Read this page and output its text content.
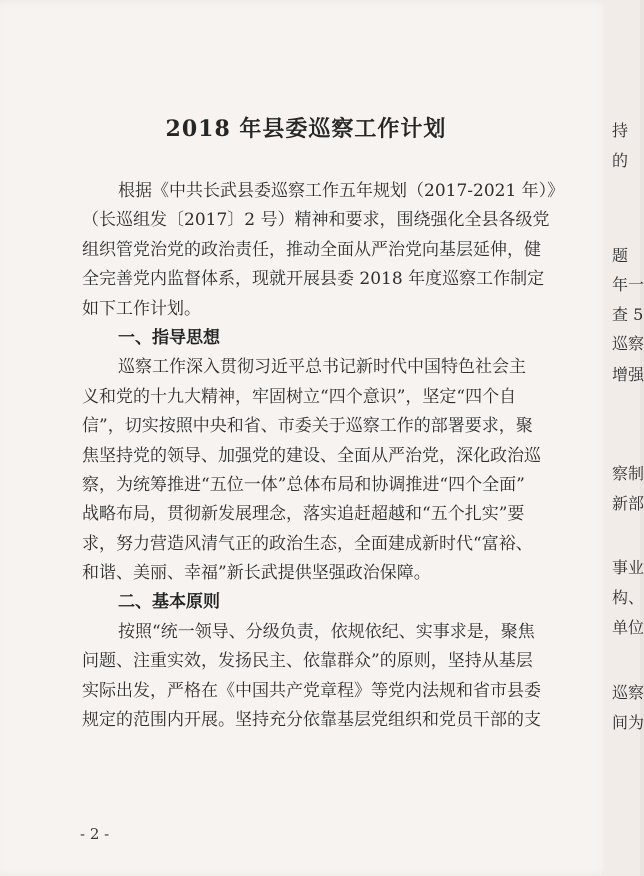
2018 年县委巡察工作计划
根据《中共长武县委巡察工作五年规划（2017-2021 年）》
（长巡组发〔2017〕2 号）精神和要求，围绕强化全县各级党
组织管党治党的政治责任，推动全面从严治党向基层延伸，健
全完善党内监督体系，现就开展县委 2018 年度巡察工作制定
如下工作计划。
一、指导思想
巡察工作深入贯彻习近平总书记新时代中国特色社会主
义和党的十九大精神，牢固树立“四个意识”，坚定“四个自
信”，切实按照中央和省、市委关于巡察工作的部署要求，聚
焦坚持党的领导、加强党的建设、全面从严治党，深化政治巡
察，为统筹推进“五位一体”总体布局和协调推进“四个全面”
战略布局，贯彻新发展理念，落实追赶超越和“五个扎实”要
求，努力营造风清气正的政治生态，全面建成新时代“富裕、
和谐、美丽、幸福”新长武提供坚强政治保障。
二、基本原则
按照“统一领导、分级负责，依规依纪、实事求是，聚焦
问题、注重实效，发扬民主、依靠群众”的原则，坚持从基层
实际出发，严格在《中国共产党章程》等党内法规和省市县委
规定的范围内开展。坚持充分依靠基层党组织和党员干部的支
- 2 -
持
的
题
年一
查 5
巡察
增强
察制
新部
事业
构、
单位
巡察
间为
